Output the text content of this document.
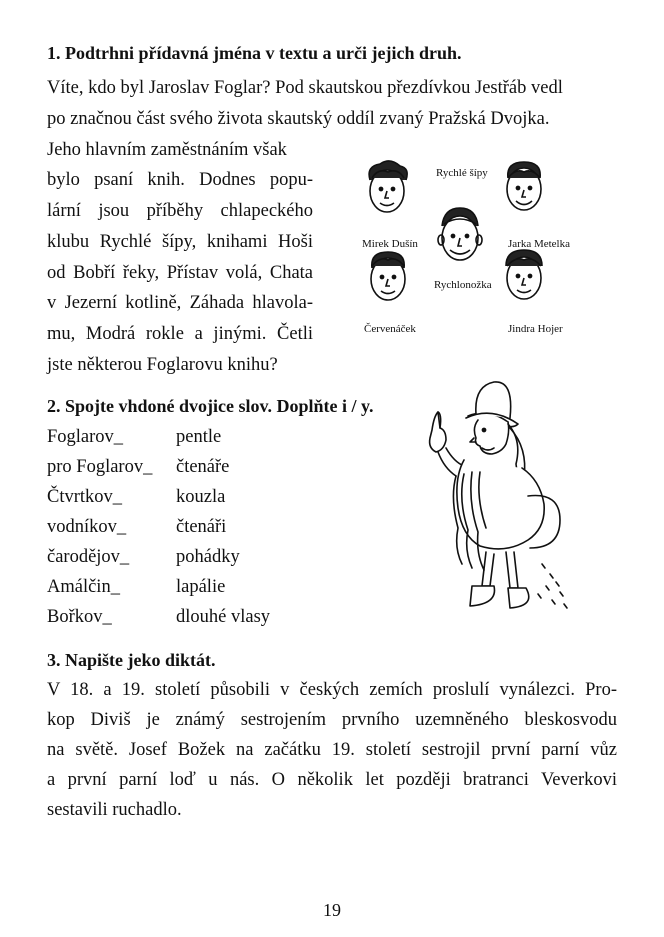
1. Podtrhni přídavná jména v textu a urči jejich druh.
Víte, kdo byl Jaroslav Foglar? Pod skautskou přezdívkou Jestřáb vedl
po značnou část svého života skautský oddíl zvaný Pražská Dvojka.
Jeho hlavním zaměstnáním však
bylo psaní knih. Dodnes popu-
lární jsou příběhy chlapeckého
klubu Rychlé šípy, knihami Hoši
od Bobří řeky, Přístav volá, Chata
v Jezerní kotlině, Záhada hlavola-
mu, Modrá rokle a jinými. Četli
jste některou Foglarovu knihu?
Rychlé šípy
Mirek Dušín	Jarka Metelka
Rychlonožka
Červenáček	Jindra Hojer
2. Spojte vhdoné dvojice slov. Doplňte i / y.
Foglarov_
pro Foglarov_
Čtvrtkov_
vodníkov_
čarodějov_
Amálčin_
Bořkov_
pentle
čtenáře
kouzla
čtenáři
pohádky
lapálie
dlouhé vlasy
3. Napište jeko diktát.
V 18. a 19. století působili v českých zemích proslulí vynálezci. Pro-
kop Diviš je známý sestrojením prvního uzemněného bleskosvodu
na světě. Josef Božek na začátku 19. století sestrojil první parní vůz
a první parní loď u nás. O několik let později bratranci Veverkovi
sestavili ruchadlo.
19
